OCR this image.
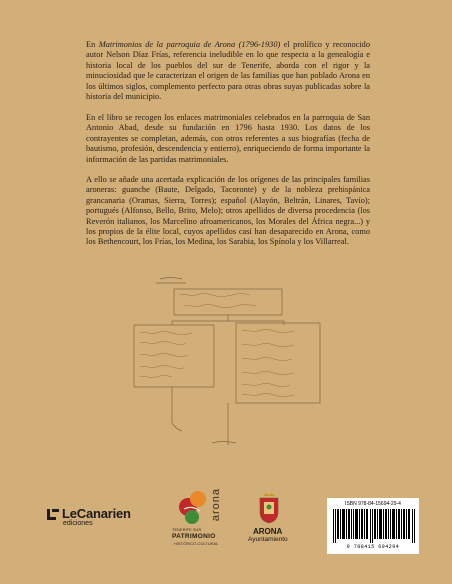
En Matrimonios de la parroquia de Arona (1796-1930) el prolífico y reconocido autor Nelson Díaz Frías, referencia ineludible en lo que respecta a la genealogía e historia local de los pueblos del sur de Tenerife, aborda con el rigor y la minuciosidad que le caracterizan el origen de las familias que han poblado Arona en los últimos siglos, complemento perfecto para otras obras suyas publicadas sobre la historia del municipio.

En el libro se recogen los enlaces matrimoniales celebrados en la parroquia de San Antonio Abad, desde su fundación en 1796 hasta 1930. Los datos de los contrayentes se completan, además, con otros referentes a sus biografías (fecha de bautismo, profesión, descendencia y entierro), enriqueciendo de forma importante la información de las partidas matrimoniales.

A ello se añade una acertada explicación de los orígenes de las principales familias aroneras: guanche (Baute, Delgado, Tacoronte) y de la nobleza prehispánica grancanaria (Oramas, Sierra, Torres); español (Alayón, Beltrán, Linares, Tavío); portugués (Alfonso, Bello, Brito, Melo); otros apellidos de diversa procedencia (los Reverón italianos, los Marcelino afroamericanos, los Morales del África negra...) y los propios de la élite local, cuyos apellidos casi han desaparecido en Arona, como los Bethencourt, los Frías, los Medina, los Sarabia, los Spínola y los Villarreal.

LeCanarien
ediciones
arona
TENERIFE SUR
PATRIMONIO
HISTÓRICO-CULTURAL
ARONA
Ayuntamiento
ISBN 978-84-15694-29-4
9 788415 694294
